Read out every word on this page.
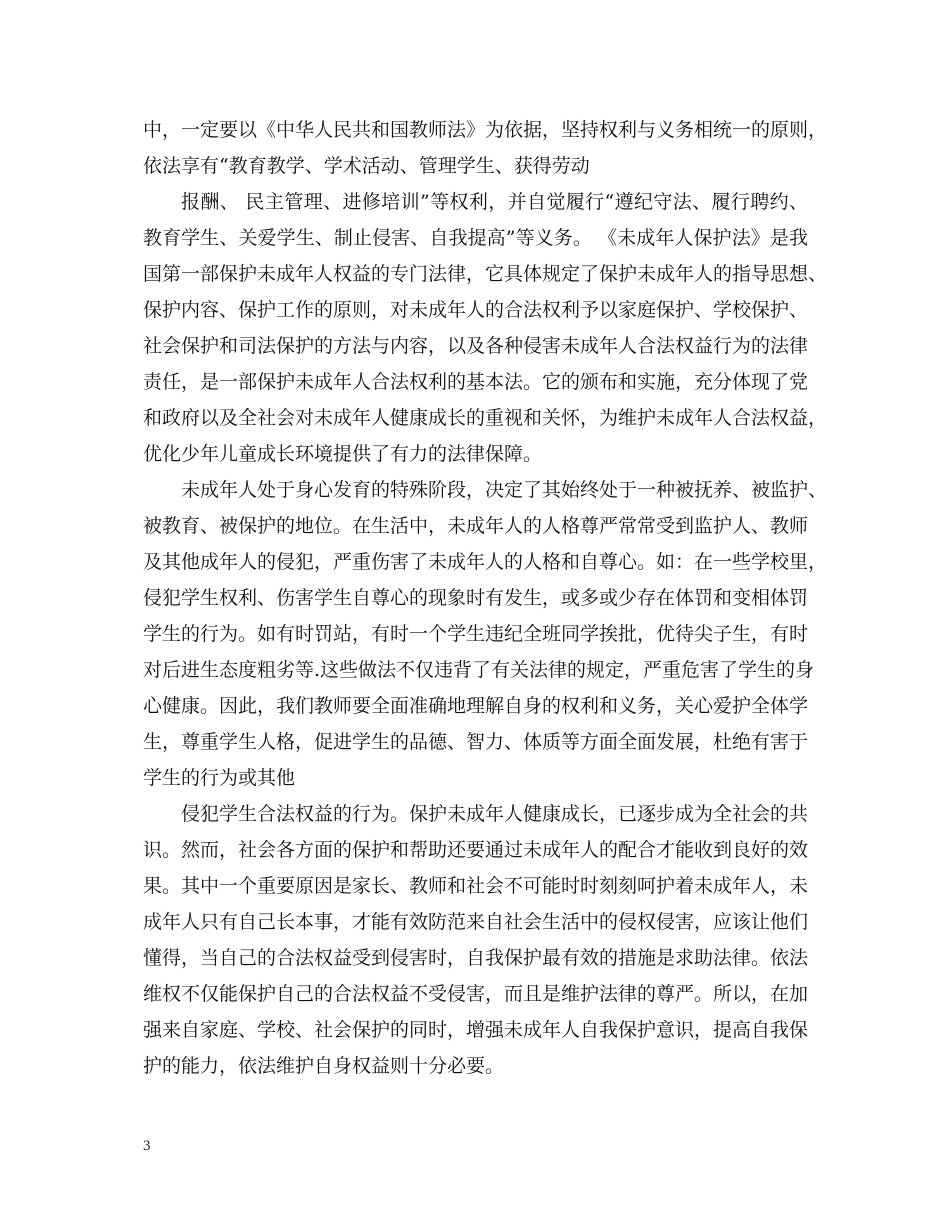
中，一定要以《中华人民共和国教师法》为依据，坚持权利与义务相统一的原则，
依法享有“教育教学、学术活动、管理学生、获得劳动
报酬、 民主管理、进修培训”等权利，并自觉履行“遵纪守法、履行聘约、
教育学生、关爱学生、制止侵害、自我提高”等义务。 《未成年人保护法》是我
国第一部保护未成年人权益的专门法律，它具体规定了保护未成年人的指导思想、
保护内容、保护工作的原则，对未成年人的合法权利予以家庭保护、学校保护、
社会保护和司法保护的方法与内容，以及各种侵害未成年人合法权益行为的法律
责任，是一部保护未成年人合法权利的基本法。它的颁布和实施，充分体现了党
和政府以及全社会对未成年人健康成长的重视和关怀，为维护未成年人合法权益，
优化少年儿童成长环境提供了有力的法律保障。
未成年人处于身心发育的特殊阶段，决定了其始终处于一种被抚养、被监护、
被教育、被保护的地位。在生活中，未成年人的人格尊严常常受到监护人、教师
及其他成年人的侵犯，严重伤害了未成年人的人格和自尊心。如：在一些学校里，
侵犯学生权利、伤害学生自尊心的现象时有发生，或多或少存在体罚和变相体罚
学生的行为。如有时罚站，有时一个学生违纪全班同学挨批，优待尖子生，有时
对后进生态度粗劣等.这些做法不仅违背了有关法律的规定，严重危害了学生的身
心健康。因此，我们教师要全面准确地理解自身的权利和义务，关心爱护全体学
生，尊重学生人格，促进学生的品德、智力、体质等方面全面发展，杜绝有害于
学生的行为或其他
侵犯学生合法权益的行为。保护未成年人健康成长，已逐步成为全社会的共
识。然而，社会各方面的保护和帮助还要通过未成年人的配合才能收到良好的效
果。其中一个重要原因是家长、教师和社会不可能时时刻刻呵护着未成年人，未
成年人只有自己长本事，才能有效防范来自社会生活中的侵权侵害，应该让他们
懂得，当自己的合法权益受到侵害时，自我保护最有效的措施是求助法律。依法
维权不仅能保护自己的合法权益不受侵害，而且是维护法律的尊严。所以，在加
强来自家庭、学校、社会保护的同时，增强未成年人自我保护意识，提高自我保
护的能力，依法维护自身权益则十分必要。
3
